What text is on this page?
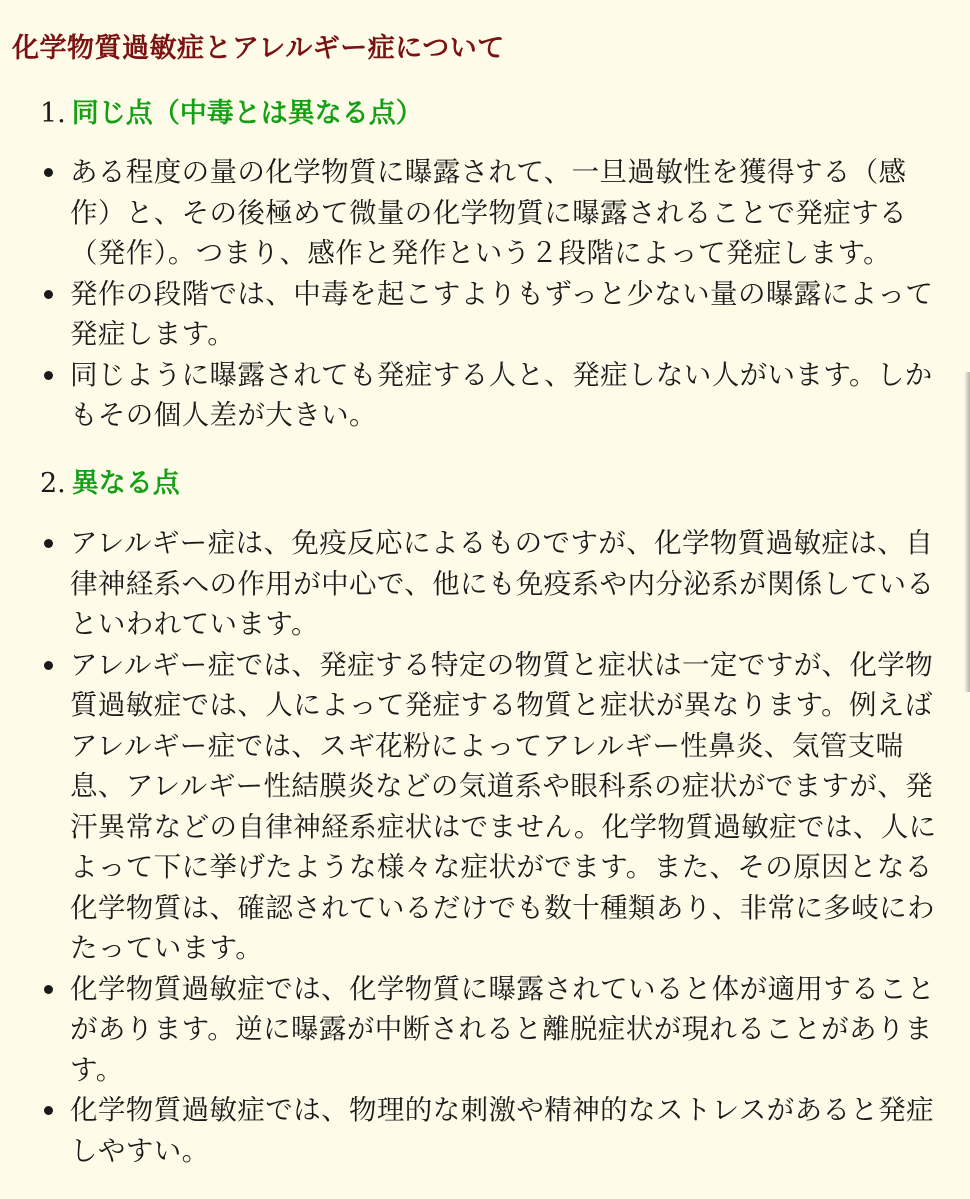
化学物質過敏症とアレルギー症について
1. 同じ点（中毒とは異なる点）
ある程度の量の化学物質に曝露されて、一旦過敏性を獲得する（感作）と、その後極めて微量の化学物質に曝露されることで発症する（発作）。つまり、感作と発作という２段階によって発症します。
発作の段階では、中毒を起こすよりもずっと少ない量の曝露によって発症します。
同じように曝露されても発症する人と、発症しない人がいます。しかもその個人差が大きい。
2. 異なる点
アレルギー症は、免疫反応によるものですが、化学物質過敏症は、自律神経系への作用が中心で、他にも免疫系や内分泌系が関係しているといわれています。
アレルギー症では、発症する特定の物質と症状は一定ですが、化学物質過敏症では、人によって発症する物質と症状が異なります。例えばアレルギー症では、スギ花粉によってアレルギー性鼻炎、気管支喘息、アレルギー性結膜炎などの気道系や眼科系の症状がでますが、発汗異常などの自律神経系症状はでません。化学物質過敏症では、人によって下に挙げたような様々な症状がでます。また、その原因となる化学物質は、確認されているだけでも数十種類あり、非常に多岐にわたっています。
化学物質過敏症では、化学物質に曝露されていると体が適用することがあります。逆に曝露が中断されると離脱症状が現れることがあります。
化学物質過敏症では、物理的な刺激や精神的なストレスがあると発症しやすい。
